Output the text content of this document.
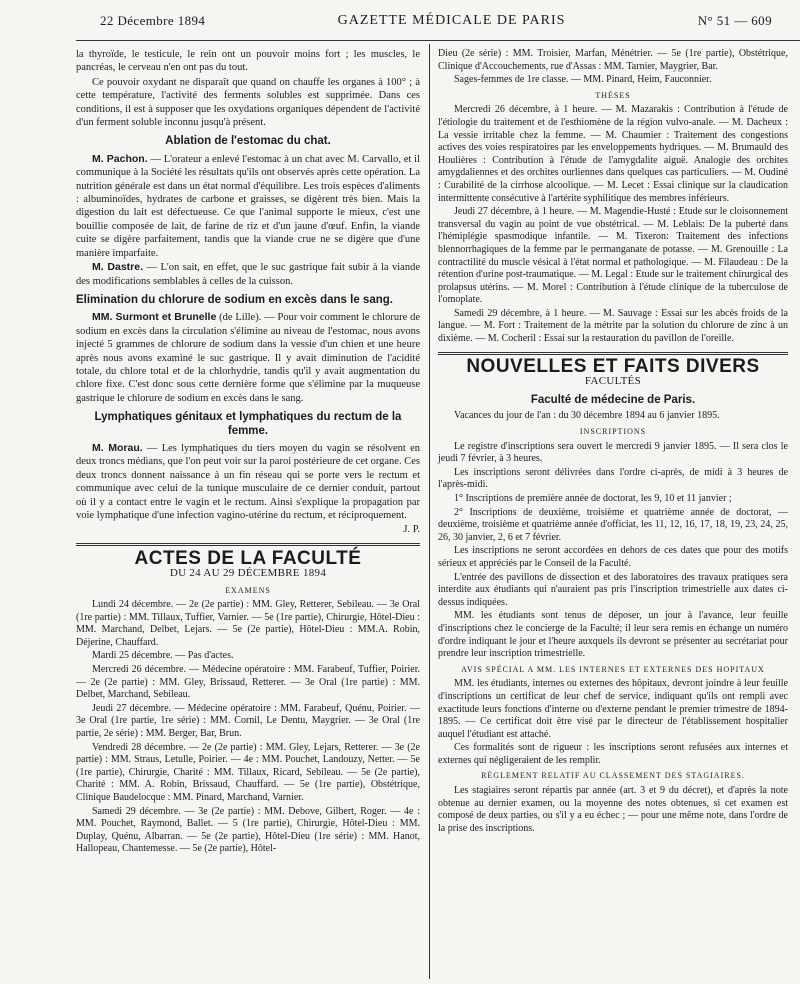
22 Décembre 1894	GAZETTE MÉDICALE DE PARIS	N° 51 — 609

la thyroïde, le testicule, le rein ont un pouvoir moins fort ; les muscles, le pancréas, le cerveau n'en ont pas du tout.

Ce pouvoir oxydant ne disparaît que quand on chauffe les organes à 100° ; à cette température, l'activité des ferments solubles est supprimée. Dans ces conditions, il est à supposer que les oxydations organiques dépendent de l'activité d'un ferment soluble inconnu jusqu'à présent.

Ablation de l'estomac du chat.

M. Pachon. — L'orateur a enlevé l'estomac à un chat avec M. Carvallo, et il communique à la Société les résultats qu'ils ont observés après cette opération. La nutrition générale est dans un état normal d'équilibre. Les trois espèces d'aliments : albuminoïdes, hydrates de carbone et graisses, se digèrent très bien. Mais la digestion du lait est défectueuse. Ce que l'animal supporte le mieux, c'est une bouillie composée de lait, de farine de riz et d'un jaune d'œuf. Enfin, la viande cuite se digère parfaitement, tandis que la viande crue ne se digère que d'une manière imparfaite.

M. Dastre. — L'on sait, en effet, que le suc gastrique fait subir à la viande des modifications semblables à celles de la cuisson.

Elimination du chlorure de sodium en excès dans le sang.

MM. Surmont et Brunelle (de Lille). — Pour voir comment le chlorure de sodium en excès dans la circulation s'élimine au niveau de l'estomac, nous avons injecté 5 grammes de chlorure de sodium dans la vessie d'un chien et une heure après nous avons examiné le suc gastrique. Il y avait diminution de l'acidité totale, du chlore total et de la chlorhydrie, tandis qu'il y avait augmentation du chlore fixe. C'est donc sous cette dernière forme que s'élimine par la muqueuse gastrique le chlorure de sodium en excès dans le sang.

Lymphatiques génitaux et lymphatiques du rectum de la femme.

M. Morau. — Les lymphatiques du tiers moyen du vagin se résolvent en deux troncs médians, que l'on peut voir sur la paroi postérieure de cet organe. Ces deux troncs donnent naissance à un fin réseau qui se porte vers le rectum et communique avec celui de la tunique musculaire de ce dernier conduit, partout où il y a contact entre le vagin et le rectum. Ainsi s'explique la propagation par voie lymphatique d'une infection vagino-utérine du rectum, et réciproquement.

J. P.
ACTES DE LA FACULTÉ
DU 24 AU 29 DÉCEMBRE 1894
EXAMENS

Lundi 24 décembre. — 2e (2e partie) : MM. Gley, Retterer, Sebileau. — 3e Oral (1re partie) : MM. Tillaux, Tuffier, Varnier. — 5e (1re partie), Chirurgie, Hôtel-Dieu : MM. Marchand, Delbet, Lejars. — 5e (2e partie), Hôtel-Dieu : MM.A. Robin, Déjerine, Chauffard.

Mardi 25 décembre. — Pas d'actes.

Mercredi 26 décembre. — Médecine opératoire : MM. Farabeuf, Tuffier, Poirier. — 2e (2e partie) : MM. Gley, Brissaud, Retterer. — 3e Oral (1re partie) : MM. Delbet, Marchand, Sebileau.

Jeudi 27 décembre. — Médecine opératoire : MM. Farabeuf, Quénu, Poirier. — 3e Oral (1re partie, 1re série) : MM. Cornil, Le Dentu, Maygrier. — 3e Oral (1re partie, 2e série) : MM. Berger, Bar, Brun.

Vendredi 28 décembre. — 2e (2e partie) : MM. Gley, Lejars, Retterer. — 3e (2e partie) : MM. Straus, Letulle, Poirier. — 4e : MM. Pouchet, Landouzy, Netter. — 5e (1re partie), Chirurgie, Charité : MM. Tillaux, Ricard, Sebileau. — 5e (2e partie), Charité : MM. A. Robin, Brissaud, Chauffard. — 5e (1re partie), Obstétrique, Clinique Baudelocque : MM. Pinard, Marchand, Varnier.

Samedi 29 décembre. — 3e (2e partie) : MM. Debove, Gilbert, Roger. — 4e : MM. Pouchet, Raymond, Ballet. — 5 (1re partie), Chirurgie, Hôtel-Dieu : MM. Duplay, Quénu, Albarran. — 5e (2e partie), Hôtel-Dieu (1re série) : MM. Hanot, Hallopeau, Chantemesse. — 5e (2e partie), Hôtel-

Dieu (2e série) : MM. Troisier, Marfan, Ménétrier. — 5e (1re partie), Obstétrique, Clinique d'Accouchements, rue d'Assas : MM. Tarnier, Maygrier, Bar.

Sages-femmes de 1re classe. — MM. Pinard, Heim, Fauconnier.

THÈSES

Mercredi 26 décembre, à 1 heure. — M. Mazarakis : Contribution à l'étude de l'étiologie du traitement et de l'esthiomène de la région vulvo-anale. — M. Dacheux : La vessie irritable chez la femme. — M. Chaumier : Traitement des congestions actives des voies respiratoires par les enveloppements hydriques. — M. Brumauld des Houlières : Contribution à l'étude de l'amygdalite aiguë. Analogie des orchites amygdaliennes et des orchites ourliennes dans quelques cas particuliers. — M. Oudiné : Curabilité de la cirrhose alcoolique. — M. Lecet : Essai clinique sur la claudication intermittente consécutive à l'artérite syphilitique des membres inférieurs.

Jeudi 27 décembre, à 1 heure. — M. Magendie-Husté : Etude sur le cloisonnement transversal du vagin au point de vue obstétrical. — M. Leblais: De la puberté dans l'hémiplégie spasmodique infantile. — M. Tixeron: Traitement des infections blennorrhagiques de la femme par le permanganate de potasse. — M. Grenouille : La contractilité du muscle vésical à l'état normal et pathologique. — M. Filaudeau : De la rétention d'urine post-traumatique. — M. Legal : Etude sur le traitement chirurgical des prolapsus utérins. — M. Morel : Contribution à l'étude clinique de la tuberculose de l'omoplate.

Samedi 29 décembre, à 1 heure. — M. Sauvage : Essai sur les abcès froids de la langue. — M. Fort : Traitement de la métrite par la solution du chlorure de zinc à un dixième. — M. Cocheril : Essai sur la restauration du pavillon de l'oreille.

NOUVELLES ET FAITS DIVERS
FACULTÉS
Faculté de médecine de Paris.

Vacances du jour de l'an : du 30 décembre 1894 au 6 janvier 1895.

INSCRIPTIONS

Le registre d'inscriptions sera ouvert le mercredi 9 janvier 1895. — Il sera clos le jeudi 7 février, à 3 heures.

Les inscriptions seront délivrées dans l'ordre ci-après, de midi à 3 heures de l'après-midi.

1° Inscriptions de première année de doctorat, les 9, 10 et 11 janvier ;

2° Inscriptions de deuxième, troisième et quatrième année de doctorat, — deuxième, troisième et quatrième année d'officiat, les 11, 12, 16, 17, 18, 19, 23, 24, 25, 26, 30 janvier, 2, 6 et 7 février.

Les inscriptions ne seront accordées en dehors de ces dates que pour des motifs sérieux et appréciés par le Conseil de la Faculté.

L'entrée des pavillons de dissection et des laboratoires des travaux pratiques sera interdite aux étudiants qui n'auraient pas pris l'inscription trimestrielle aux dates ci-dessus indiquées.

MM. les étudiants sont tenus de déposer, un jour à l'avance, leur feuille d'inscriptions chez le concierge de la Faculté; il leur sera remis en échange un numéro d'ordre indiquant le jour et l'heure auxquels ils devront se présenter au secrétariat pour prendre leur inscription trimestrielle.

AVIS SPÉCIAL A MM. LES INTERNES ET EXTERNES DES HOPITAUX

MM. les étudiants, internes ou externes des hôpitaux, devront joindre à leur feuille d'inscriptions un certificat de leur chef de service, indiquant qu'ils ont rempli avec exactitude leurs fonctions d'interne ou d'externe pendant le premier trimestre de 1894-1895. — Ce certificat doit être visé par le directeur de l'établissement hospitalier auquel l'étudiant est attaché.

Ces formalités sont de rigueur : les inscriptions seront refusées aux internes et externes qui négligeraient de les remplir.

RÈGLEMENT RELATIF AU CLASSEMENT DES STAGIAIRES.

Les stagiaires seront répartis par année (art. 3 et 9 du décret), et d'après la note obtenue au dernier examen, ou la moyenne des notes obtenues, si cet examen est composé de deux parties, ou s'il y a eu échec ; — pour une même note, dans l'ordre de la prise des inscriptions.
